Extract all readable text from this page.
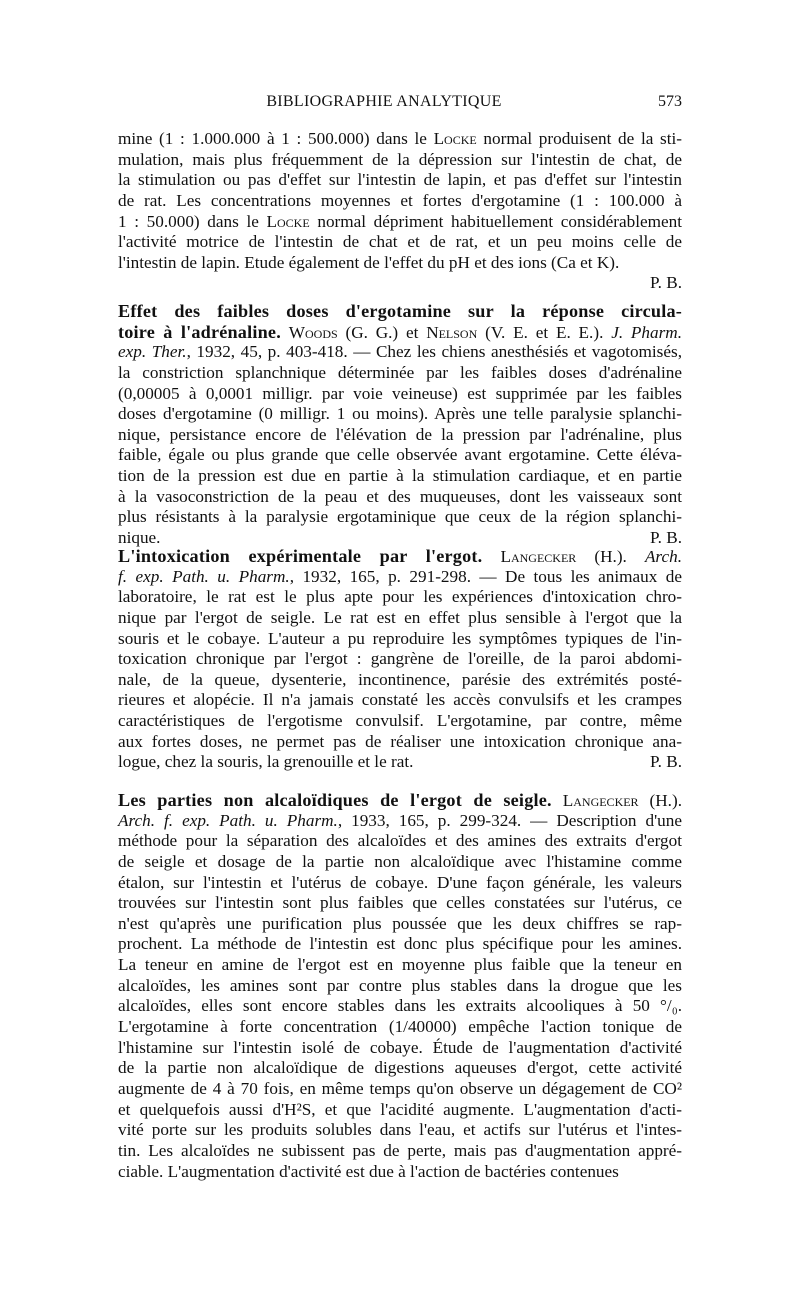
BIBLIOGRAPHIE ANALYTIQUE	573
mine (1 : 1.000.000 à 1 : 500.000) dans le Locke normal produisent de la sti-
mulation, mais plus fréquemment de la dépression sur l'intestin de chat, de
la stimulation ou pas d'effet sur l'intestin de lapin, et pas d'effet sur l'intestin
de rat. Les concentrations moyennes et fortes d'ergotamine (1 : 100.000 à
1 : 50.000) dans le Locke normal dépriment habituellement considérablement
l'activité motrice de l'intestin de chat et de rat, et un peu moins celle de
l'intestin de lapin. Etude également de l'effet du pH et des ions (Ca et K).
P. B.
Effet des faibles doses d'ergotamine sur la réponse circula-
toire à l'adrénaline. Woods (G. G.) et Nelson (V. E. et E. E.). J. Pharm.
exp. Ther., 1932, 45, p. 403-418. — Chez les chiens anesthésiés et vagotomisés,
la constriction splanchnique déterminée par les faibles doses d'adrénaline
(0,00005 à 0,0001 milligr. par voie veineuse) est supprimée par les faibles
doses d'ergotamine (0 milligr. 1 ou moins). Après une telle paralysie splanchi-
nique, persistance encore de l'élévation de la pression par l'adrénaline, plus
faible, égale ou plus grande que celle observée avant ergotamine. Cette éléva-
tion de la pression est due en partie à la stimulation cardiaque, et en partie
à la vasoconstriction de la peau et des muqueuses, dont les vaisseaux sont
plus résistants à la paralysie ergotaminique que ceux de la région splanchi-
nique.	P. B.
L'intoxication expérimentale par l'ergot. Langecker (H.). Arch.
f. exp. Path. u. Pharm., 1932, 165, p. 291-298. — De tous les animaux de
laboratoire, le rat est le plus apte pour les expériences d'intoxication chro-
nique par l'ergot de seigle. Le rat est en effet plus sensible à l'ergot que la
souris et le cobaye. L'auteur a pu reproduire les symptômes typiques de l'in-
toxication chronique par l'ergot : gangrène de l'oreille, de la paroi abdomi-
nale, de la queue, dysenterie, incontinence, parésie des extrémités posté-
rieures et alopécie. Il n'a jamais constaté les accès convulsifs et les crampes
caractéristiques de l'ergotisme convulsif. L'ergotamine, par contre, même
aux fortes doses, ne permet pas de réaliser une intoxication chronique ana-
logue, chez la souris, la grenouille et le rat.	P. B.
Les parties non alcaloïdiques de l'ergot de seigle. Langecker (H.).
Arch. f. exp. Path. u. Pharm., 1933, 165, p. 299-324. — Description d'une
méthode pour la séparation des alcaloïdes et des amines des extraits d'ergot
de seigle et dosage de la partie non alcaloïdique avec l'histamine comme
étalon, sur l'intestin et l'utérus de cobaye. D'une façon générale, les valeurs
trouvées sur l'intestin sont plus faibles que celles constatées sur l'utérus, ce
n'est qu'après une purification plus poussée que les deux chiffres se rap-
prochent. La méthode de l'intestin est donc plus spécifique pour les amines.
La teneur en amine de l'ergot est en moyenne plus faible que la teneur en
alcaloïdes, les amines sont par contre plus stables dans la drogue que les
alcaloïdes, elles sont encore stables dans les extraits alcooliques à 50 °/₀.
L'ergotamine à forte concentration (1/40000) empêche l'action tonique de
l'histamine sur l'intestin isolé de cobaye. Étude de l'augmentation d'activité
de la partie non alcaloïdique de digestions aqueuses d'ergot, cette activité
augmente de 4 à 70 fois, en même temps qu'on observe un dégagement de CO²
et quelquefois aussi d'H²S, et que l'acidité augmente. L'augmentation d'acti-
vité porte sur les produits solubles dans l'eau, et actifs sur l'utérus et l'intes-
tin. Les alcaloïdes ne subissent pas de perte, mais pas d'augmentation appré-
ciable. L'augmentation d'activité est due à l'action de bactéries contenues
